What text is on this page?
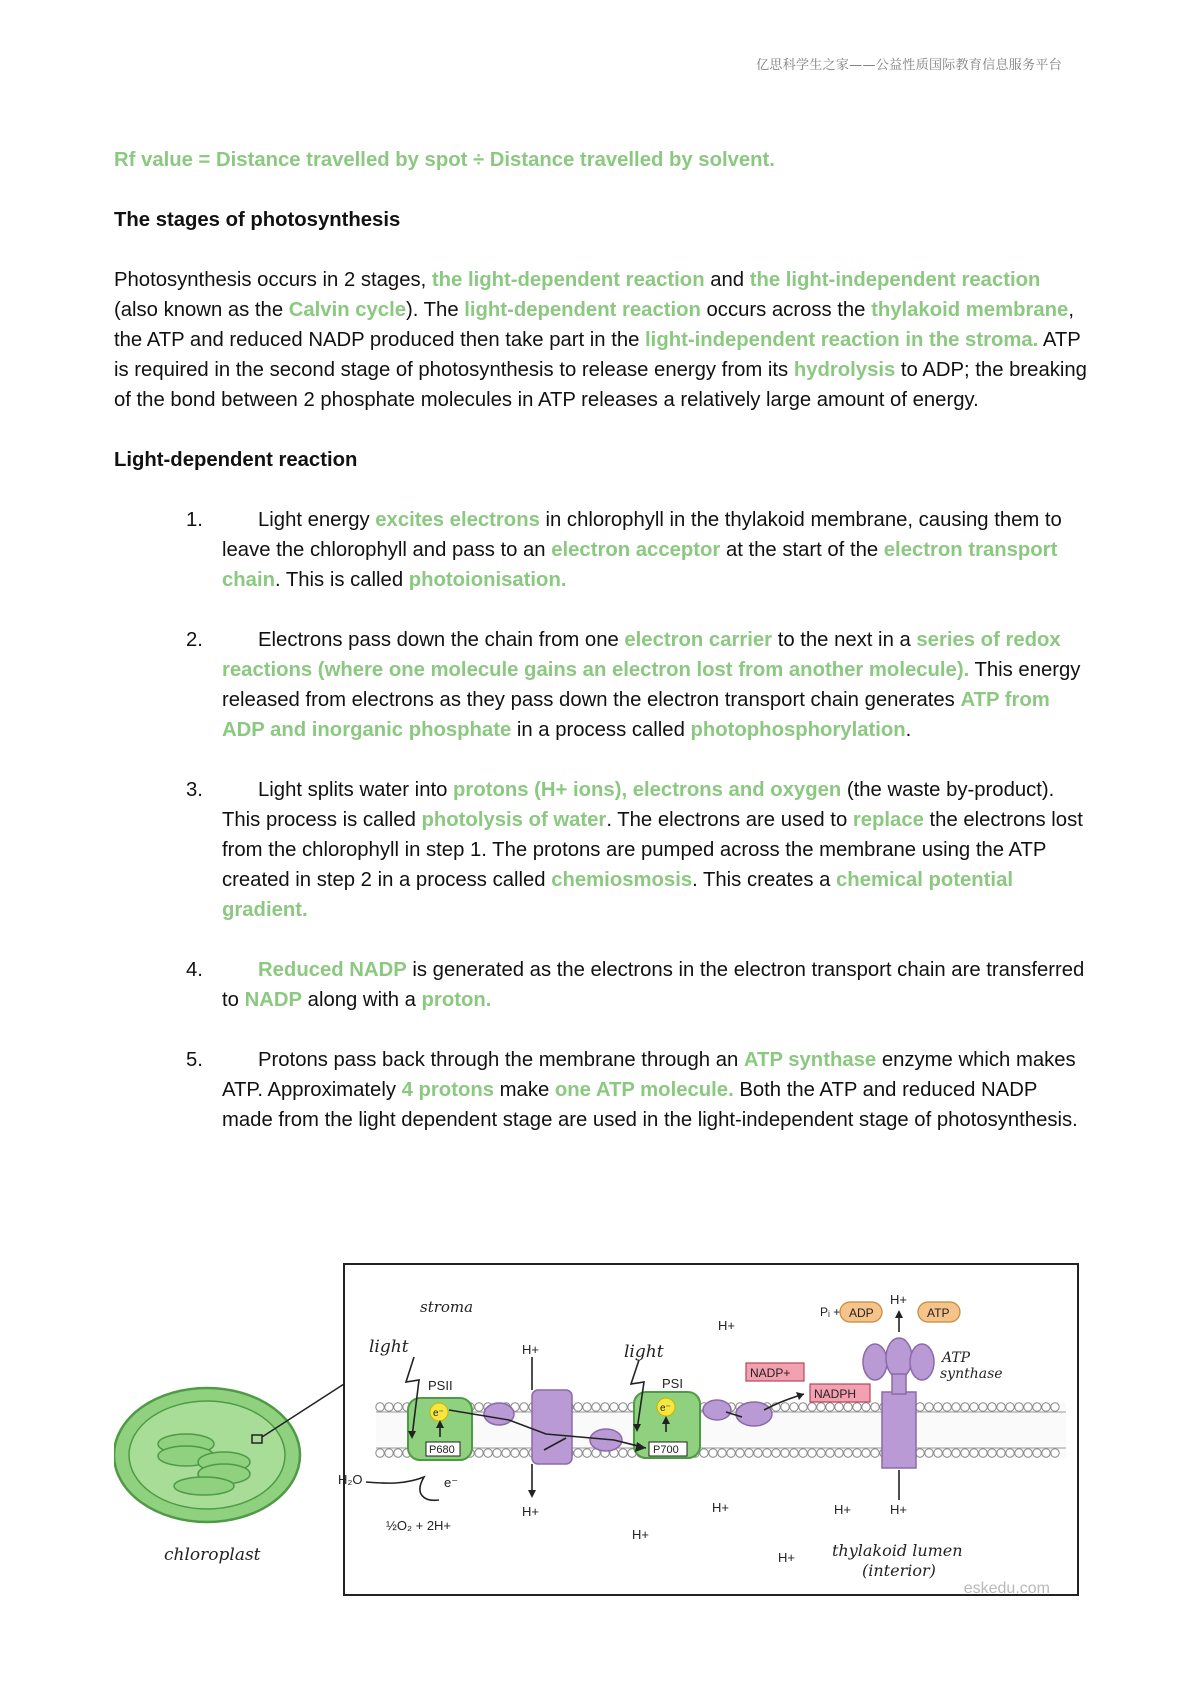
亿思科学生之家——公益性质国际教育信息服务平台
Rf value = Distance travelled by spot ÷ Distance travelled by solvent.
The stages of photosynthesis

Photosynthesis occurs in 2 stages, the light-dependent reaction and the light-independent reaction (also known as the Calvin cycle). The light-dependent reaction occurs across the thylakoid membrane, the ATP and reduced NADP produced then take part in the light-independent reaction in the stroma. ATP is required in the second stage of photosynthesis to release energy from its hydrolysis to ADP; the breaking of the bond between 2 phosphate molecules in ATP releases a relatively large amount of energy.

Light-dependent reaction
1.	Light energy excites electrons in chlorophyll in the thylakoid membrane, causing them to leave the chlorophyll and pass to an electron acceptor at the start of the electron transport chain. This is called photoionisation.
2.	Electrons pass down the chain from one electron carrier to the next in a series of redox reactions (where one molecule gains an electron lost from another molecule). This energy released from electrons as they pass down the electron transport chain generates ATP from ADP and inorganic phosphate in a process called photophosphorylation.
3.	Light splits water into protons (H+ ions), electrons and oxygen (the waste by-product). This process is called photolysis of water. The electrons are used to replace the electrons lost from the chlorophyll in step 1. The protons are pumped across the membrane using the ATP created in step 2 in a process called chemiosmosis. This creates a chemical potential gradient.
4.	Reduced NADP is generated as the electrons in the electron transport chain are transferred to NADP along with a proton.
5.	Protons pass back through the membrane through an ATP synthase enzyme which makes ATP. Approximately 4 protons make one ATP molecule. Both the ATP and reduced NADP made from the light dependent stage are used in the light-independent stage of photosynthesis.
chloroplast
P680
e⁻
P700
e⁻
stroma
light	light
PSII	PSI
H+
H+
H+
H+
H+
H+	H+
H+
H+
H₂O	e⁻
½O₂ + 2H+
NADP+
NADPH
Pᵢ + ADP	ATP
ATP
synthase
thylakoid lumen
(interior)
eskedu.com
